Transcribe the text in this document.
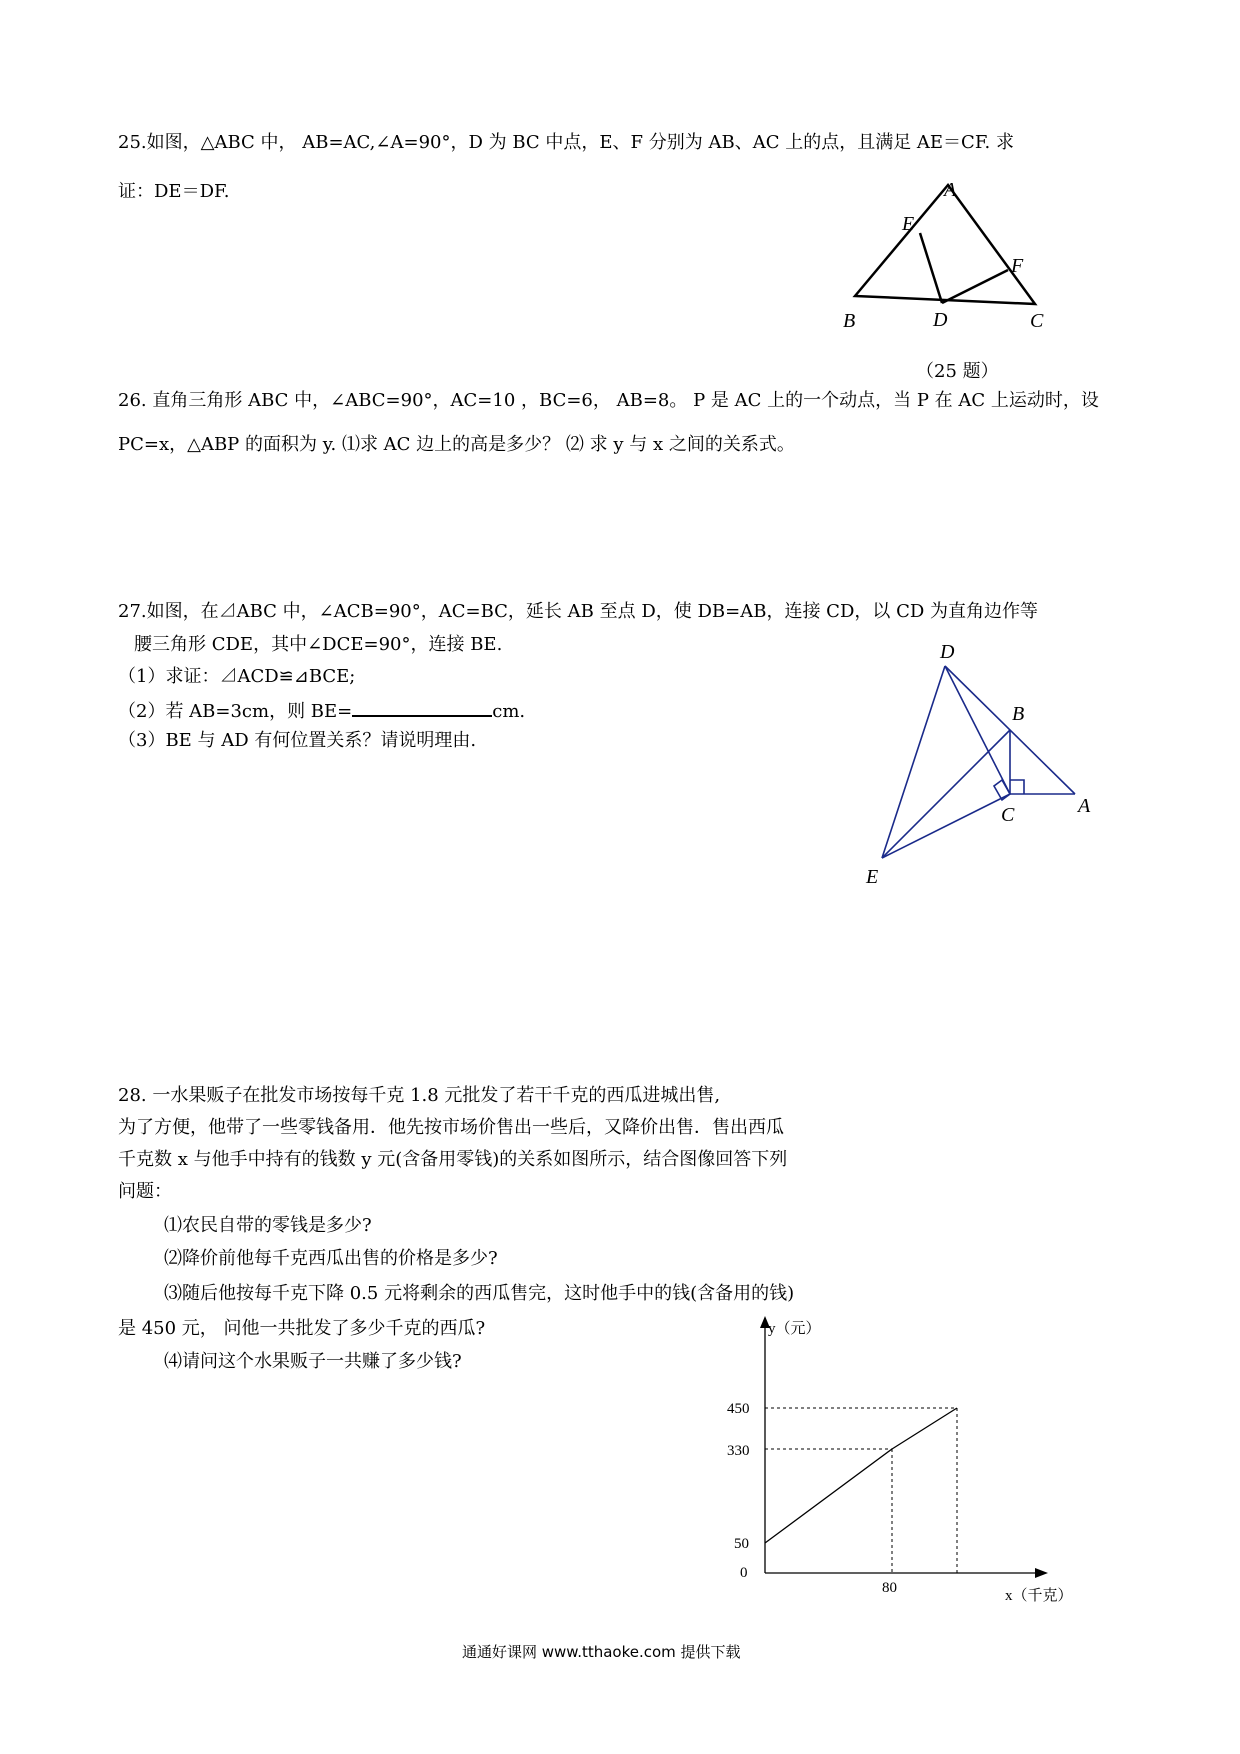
25.如图，△ABC 中， AB=AC,∠A=90°，D 为 BC 中点，E、F 分别为 AB、AC 上的点，且满足 AE＝CF. 求
证：DE＝DF.	A
E
F
B	D	C
（25 题）
26. 直角三角形 ABC 中，∠ABC=90°，AC=10 ，BC=6， AB=8。 P 是 AC 上的一个动点，当 P 在 AC 上运动时，设
PC=x，△ABP 的面积为 y. ⑴求 AC 边上的高是多少？ ⑵ 求 y 与 x 之间的关系式。
27.如图，在⊿ABC 中，∠ACB=90°，AC=BC，延长 AB 至点 D，使 DB=AB，连接 CD，以 CD 为直角边作等
腰三角形 CDE，其中∠DCE=90°，连接 BE.
（1）求证：⊿ACD≌⊿BCE;
（2）若 AB=3cm，则 BE=	cm.
（3）BE 与 AD 有何位置关系？请说明理由.
D
B
A
C
E
28. 一水果贩子在批发市场按每千克 1.8 元批发了若干千克的西瓜进城出售,
为了方便，他带了一些零钱备用．他先按市场价售出一些后，又降价出售．售出西瓜
千克数 x 与他手中持有的钱数 y 元(含备用零钱)的关系如图所示，结合图像回答下列
问题：
⑴农民自带的零钱是多少?
⑵降价前他每千克西瓜出售的价格是多少?
⑶随后他按每千克下降 0.5 元将剩余的西瓜售完，这时他手中的钱(含备用的钱)
是 450 元， 问他一共批发了多少千克的西瓜?
⑷请问这个水果贩子一共赚了多少钱?
y（元）
x（千克）
450
330
50
0
80
通通好课网 www.tthaoke.com 提供下载
